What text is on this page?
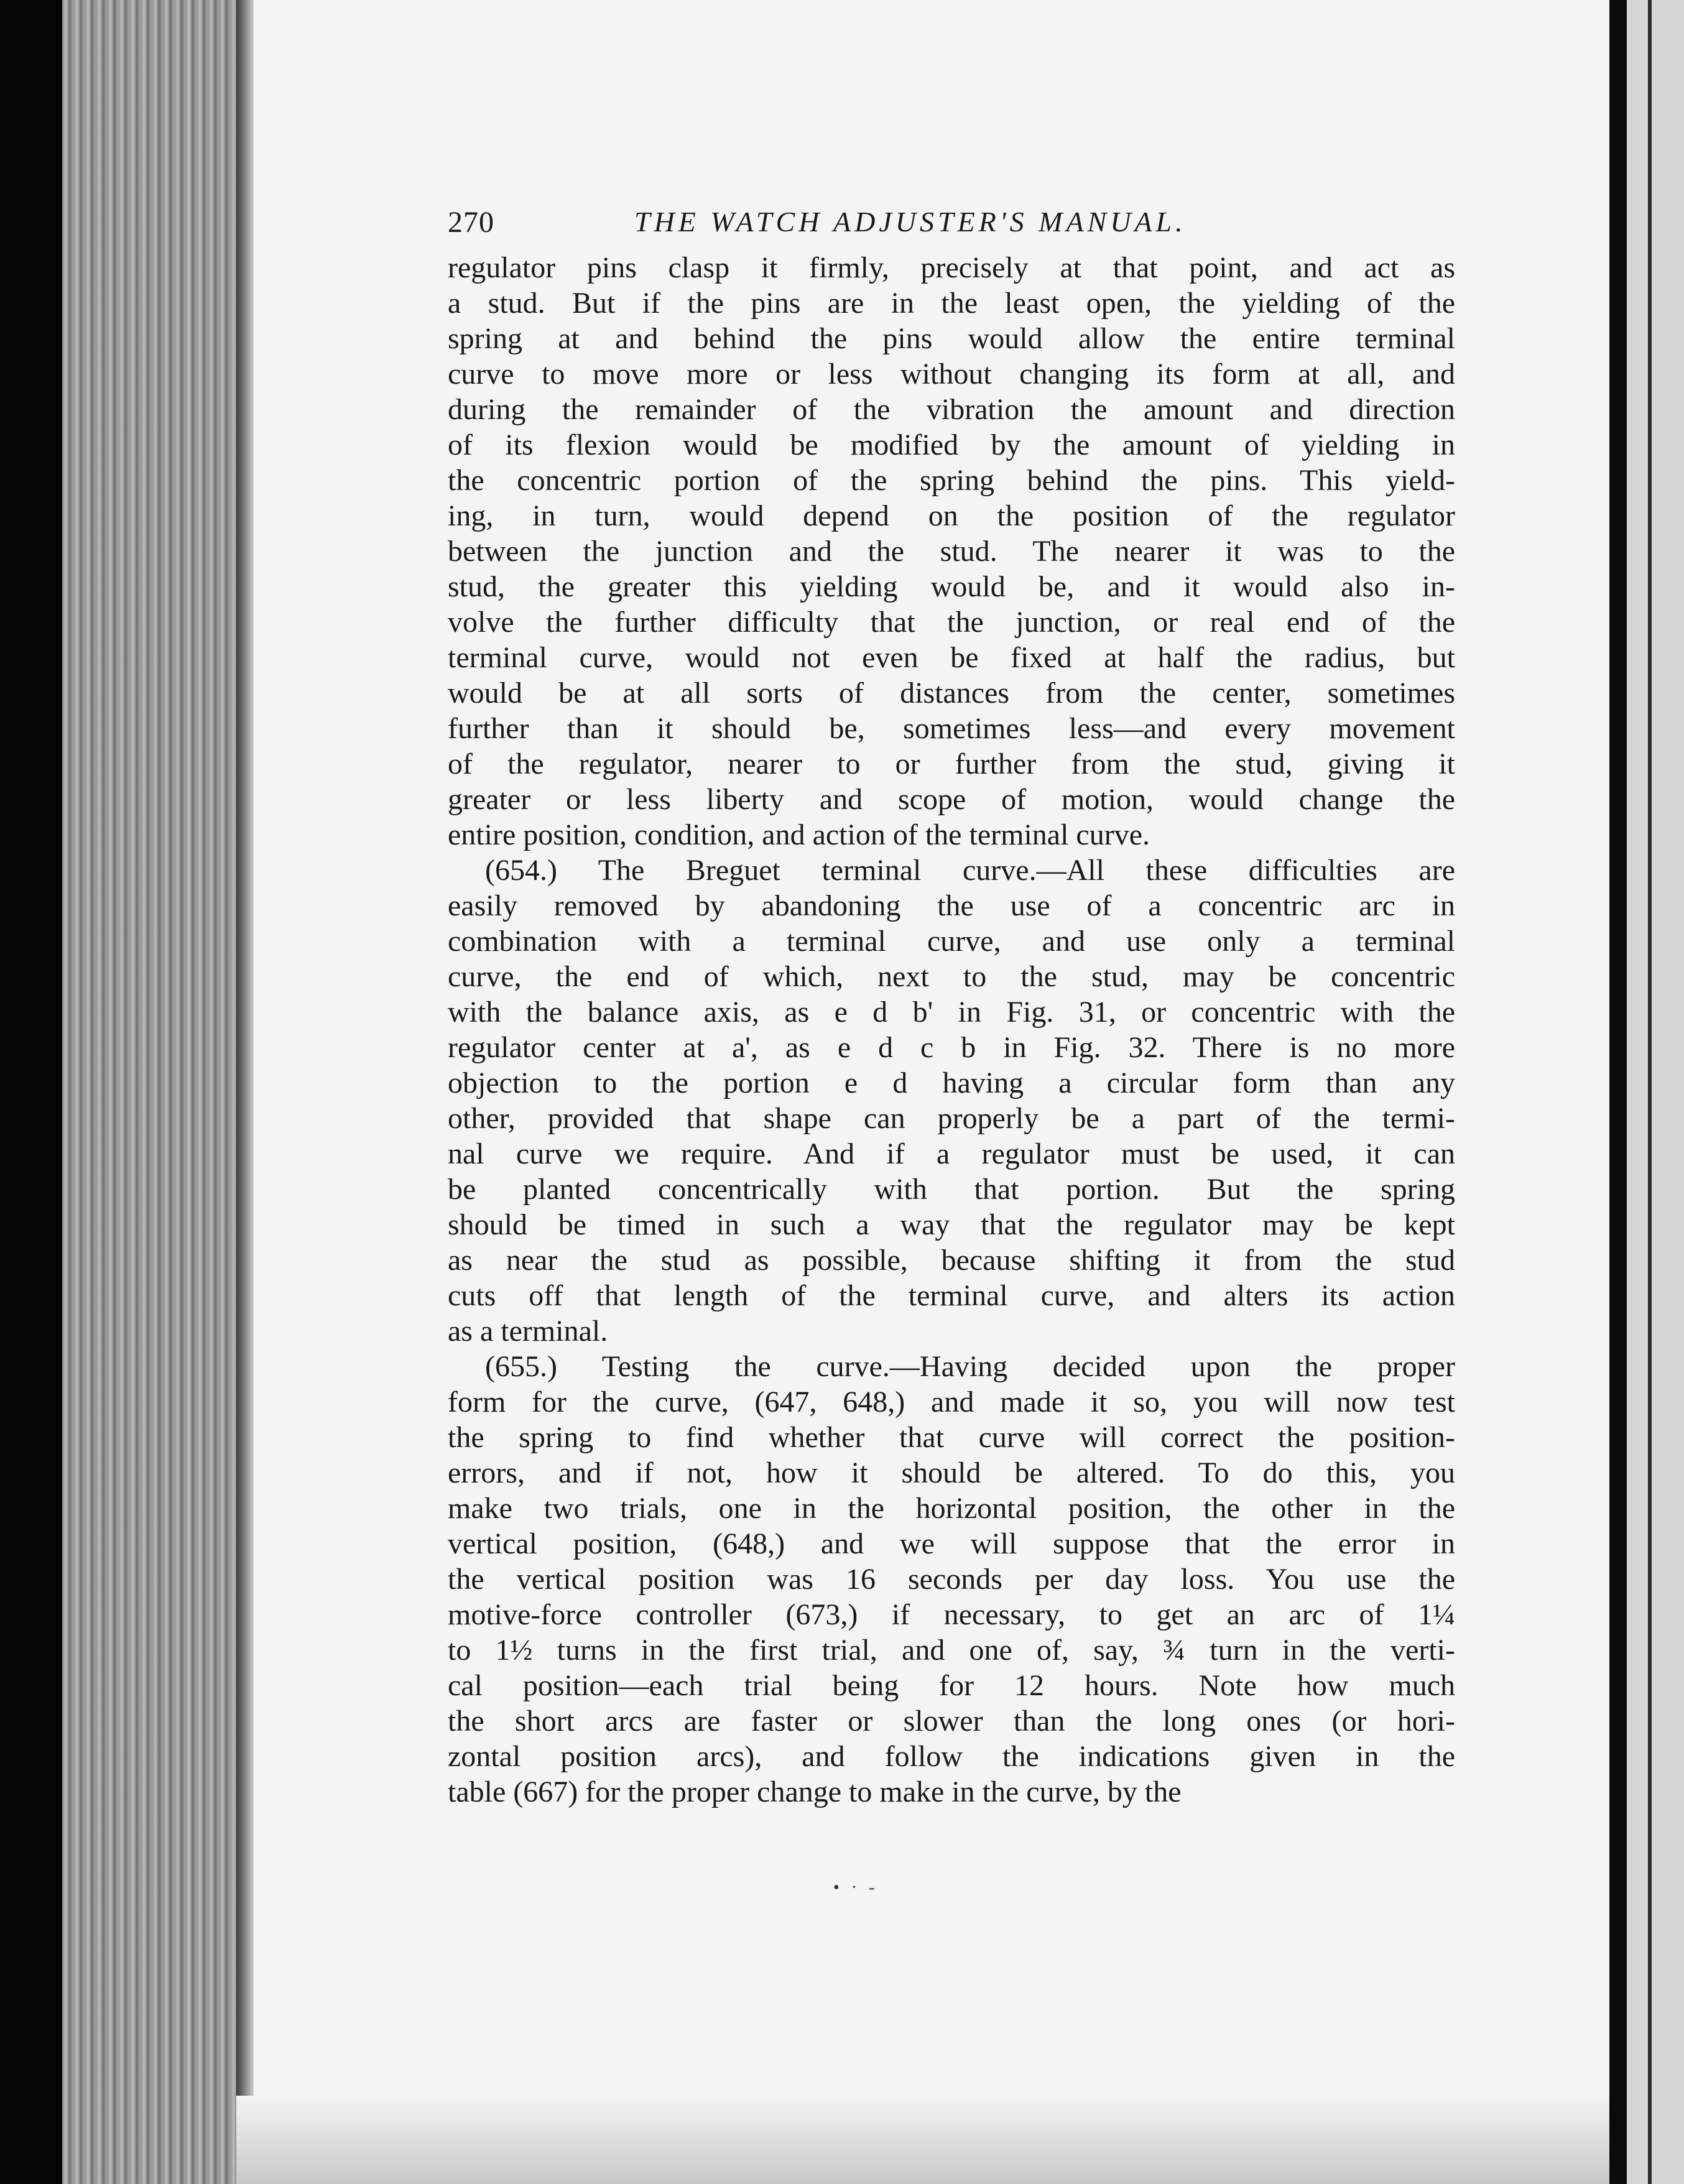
270	THE WATCH ADJUSTER'S MANUAL.
regulator pins clasp it firmly, precisely at that point, and act as
a stud. But if the pins are in the least open, the yielding of the
spring at and behind the pins would allow the entire terminal
curve to move more or less without changing its form at all, and
during the remainder of the vibration the amount and direction
of its flexion would be modified by the amount of yielding in
the concentric portion of the spring behind the pins. This yield-
ing, in turn, would depend on the position of the regulator
between the junction and the stud. The nearer it was to the
stud, the greater this yielding would be, and it would also in-
volve the further difficulty that the junction, or real end of the
terminal curve, would not even be fixed at half the radius, but
would be at all sorts of distances from the center, sometimes
further than it should be, sometimes less—and every movement
of the regulator, nearer to or further from the stud, giving it
greater or less liberty and scope of motion, would change the
entire position, condition, and action of the terminal curve.
(654.) The Breguet terminal curve.—All these difficulties are
easily removed by abandoning the use of a concentric arc in
combination with a terminal curve, and use only a terminal
curve, the end of which, next to the stud, may be concentric
with the balance axis, as e d b' in Fig. 31, or concentric with the
regulator center at a', as e d c b in Fig. 32. There is no more
objection to the portion e d having a circular form than any
other, provided that shape can properly be a part of the termi-
nal curve we require. And if a regulator must be used, it can
be planted concentrically with that portion. But the spring
should be timed in such a way that the regulator may be kept
as near the stud as possible, because shifting it from the stud
cuts off that length of the terminal curve, and alters its action
as a terminal.
(655.) Testing the curve.—Having decided upon the proper
form for the curve, (647, 648,) and made it so, you will now test
the spring to find whether that curve will correct the position-
errors, and if not, how it should be altered. To do this, you
make two trials, one in the horizontal position, the other in the
vertical position, (648,) and we will suppose that the error in
the vertical position was 16 seconds per day loss. You use the
motive-force controller (673,) if necessary, to get an arc of 1¼
to 1½ turns in the first trial, and one of, say, ¾ turn in the verti-
cal position—each trial being for 12 hours. Note how much
the short arcs are faster or slower than the long ones (or hori-
zontal position arcs), and follow the indications given in the
table (667) for the proper change to make in the curve, by the
• · -
